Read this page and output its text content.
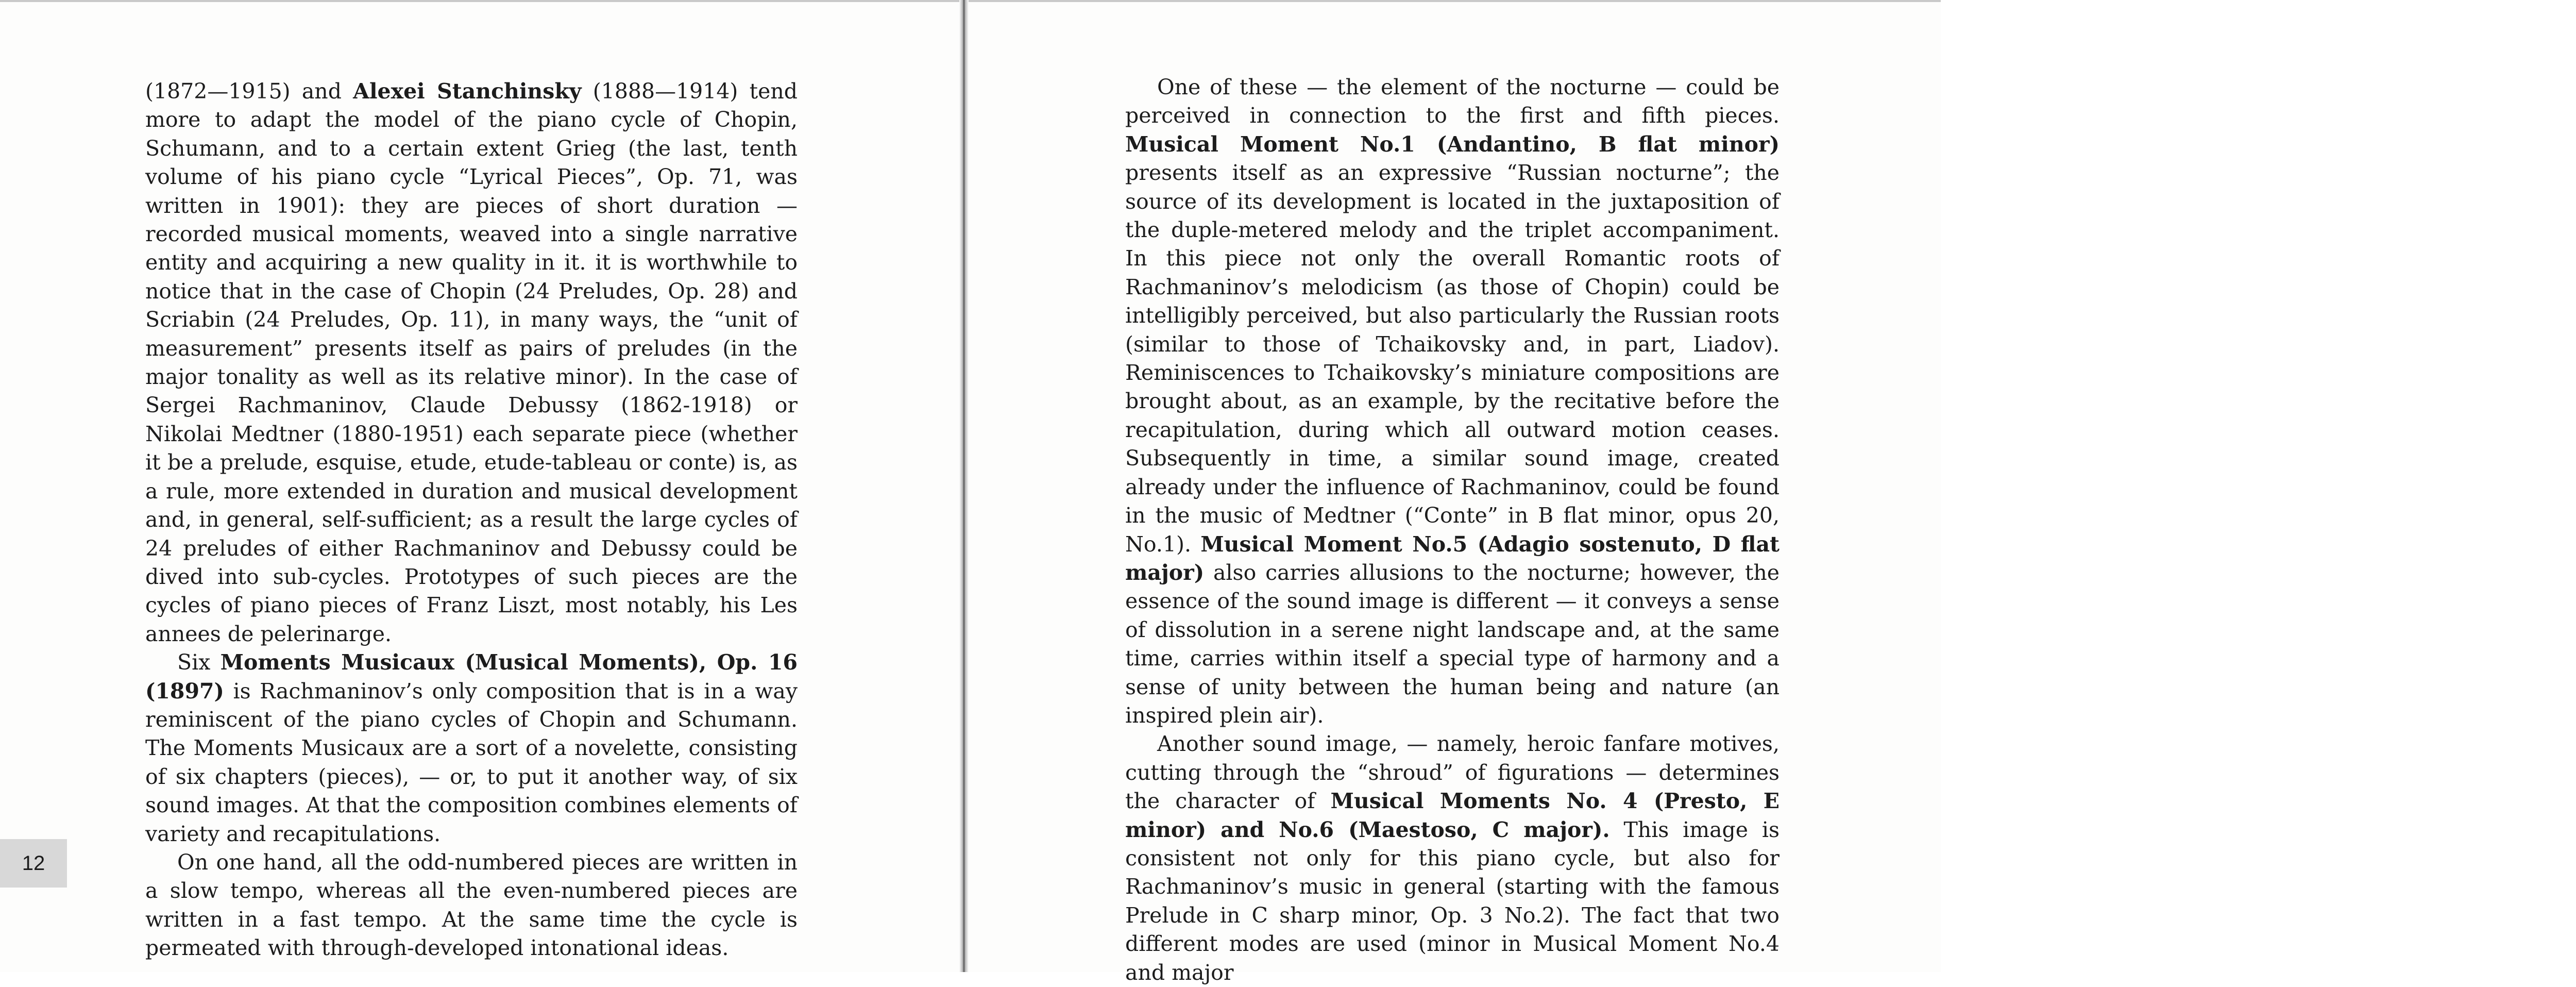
(1872—1915) and Alexei Stanchinsky (1888—1914) tend more to adapt the model of the piano cycle of Chopin, Schumann, and to a certain extent Grieg (the last, tenth volume of his piano cycle “Lyrical Pieces”, Op. 71, was written in 1901): they are pieces of short duration — recorded musical moments, weaved into a single narrative entity and acquiring a new quality in it. it is worthwhile to notice that in the case of Chopin (24 Preludes, Op. 28) and Scriabin (24 Preludes, Op. 11), in many ways, the “unit of measurement” presents itself as pairs of preludes (in the major tonality as well as its relative minor). In the case of Sergei Rachmaninov, Claude Debussy (1862-1918) or Nikolai Medtner (1880-1951) each separate piece (whether it be a prelude, esquise, etude, etude-tableau or conte) is, as a rule, more extended in duration and musical development and, in general, self-sufficient; as a result the large cycles of 24 preludes of either Rachmaninov and Debussy could be dived into sub-cycles. Prototypes of such pieces are the cycles of piano pieces of Franz Liszt, most notably, his Les annees de pelerinarge.

Six Moments Musicaux (Musical Moments), Op. 16 (1897) is Rachmaninov’s only composition that is in a way reminiscent of the piano cycles of Chopin and Schumann. The Moments Musicaux are a sort of a novelette, consisting of six chapters (pieces), — or, to put it another way, of six sound images. At that the composition combines elements of variety and recapitulations.

On one hand, all the odd-numbered pieces are written in a slow tempo, whereas all the even-numbered pieces are written in a fast tempo. At the same time the cycle is permeated with through-developed intonational ideas.

12

One of these — the element of the nocturne — could be perceived in connection to the first and fifth pieces. Musical Moment No.1 (Andantino, B flat minor) presents itself as an expressive “Russian nocturne”; the source of its development is located in the juxtaposition of the duple-metered melody and the triplet accompaniment. In this piece not only the overall Romantic roots of Rachmaninov’s melodicism (as those of Chopin) could be intelligibly perceived, but also particularly the Russian roots (similar to those of Tchaikovsky and, in part, Liadov). Reminiscences to Tchaikovsky’s miniature compositions are brought about, as an example, by the recitative before the recapitulation, during which all outward motion ceases. Subsequently in time, a similar sound image, created already under the influence of Rachmaninov, could be found in the music of Medtner (“Conte” in B flat minor, opus 20, No.1). Musical Moment No.5 (Adagio sostenuto, D flat major) also carries allusions to the nocturne; however, the essence of the sound image is different — it conveys a sense of dissolution in a serene night landscape and, at the same time, carries within itself a special type of harmony and a sense of unity between the human being and nature (an inspired plein air).

Another sound image, — namely, heroic fanfare motives, cutting through the “shroud” of figurations — determines the character of Musical Moments No. 4 (Presto, E minor) and No.6 (Maestoso, C major). This image is consistent not only for this piano cycle, but also for Rachmaninov’s music in general (starting with the famous Prelude in C sharp minor, Op. 3 No.2). The fact that two different modes are used (minor in Musical Moment No.4 and major
